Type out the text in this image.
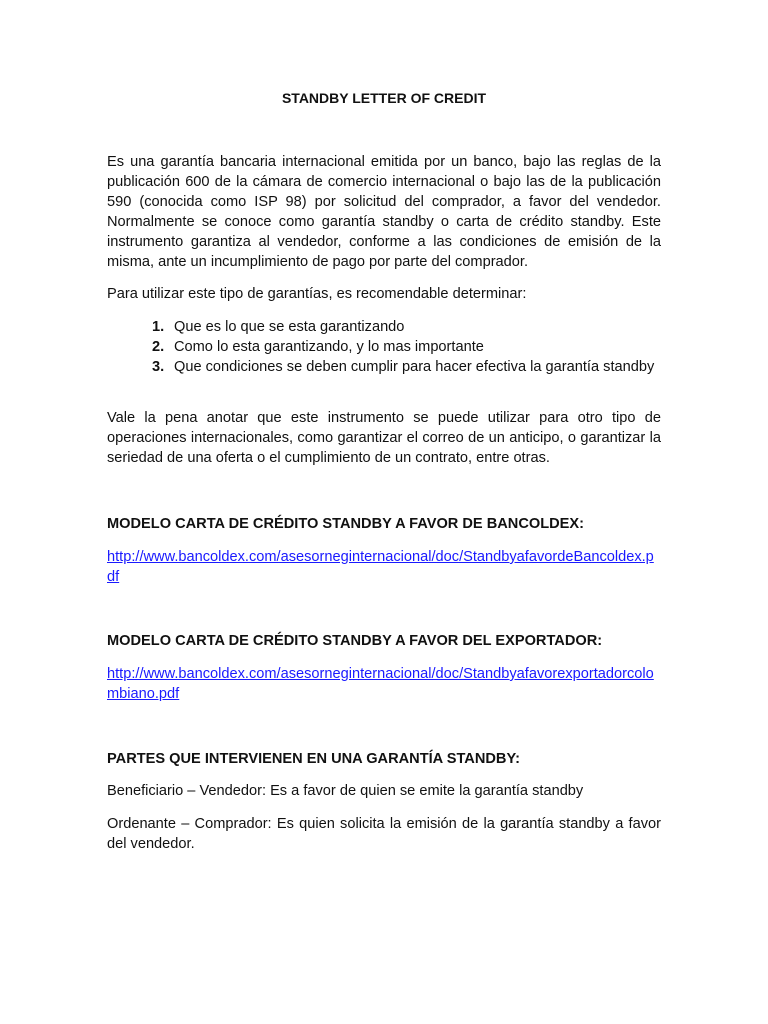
STANDBY LETTER OF CREDIT

Es una garantía bancaria internacional emitida por un banco, bajo las reglas de la publicación 600 de la cámara de comercio internacional o bajo las de la publicación 590 (conocida como ISP 98) por solicitud del comprador, a favor del vendedor. Normalmente se conoce como garantía standby o carta de crédito standby. Este instrumento garantiza al vendedor, conforme a las condiciones de emisión de la misma, ante un incumplimiento de pago por parte del comprador.

Para utilizar este tipo de garantías, es recomendable determinar:

1. Que es lo que se esta garantizando
2. Como lo esta garantizando, y lo mas importante
3. Que condiciones se deben cumplir para hacer efectiva la garantía standby

Vale la pena anotar que este instrumento se puede utilizar para otro tipo de operaciones internacionales, como garantizar el correo de un anticipo, o garantizar la seriedad de una oferta o el cumplimiento de un contrato, entre otras.

MODELO CARTA DE CRÉDITO STANDBY A FAVOR DE BANCOLDEX:

http://www.bancoldex.com/asesorneginternacional/doc/StandbyafavordeBancoldex.pdf

MODELO CARTA DE CRÉDITO STANDBY A FAVOR DEL EXPORTADOR:

http://www.bancoldex.com/asesorneginternacional/doc/Standbyafavorexportadorcolombiano.pdf

PARTES QUE INTERVIENEN EN UNA GARANTÍA STANDBY:

Beneficiario – Vendedor: Es a favor de quien se emite la garantía standby

Ordenante – Comprador: Es quien solicita la emisión de la garantía standby a favor del vendedor.
